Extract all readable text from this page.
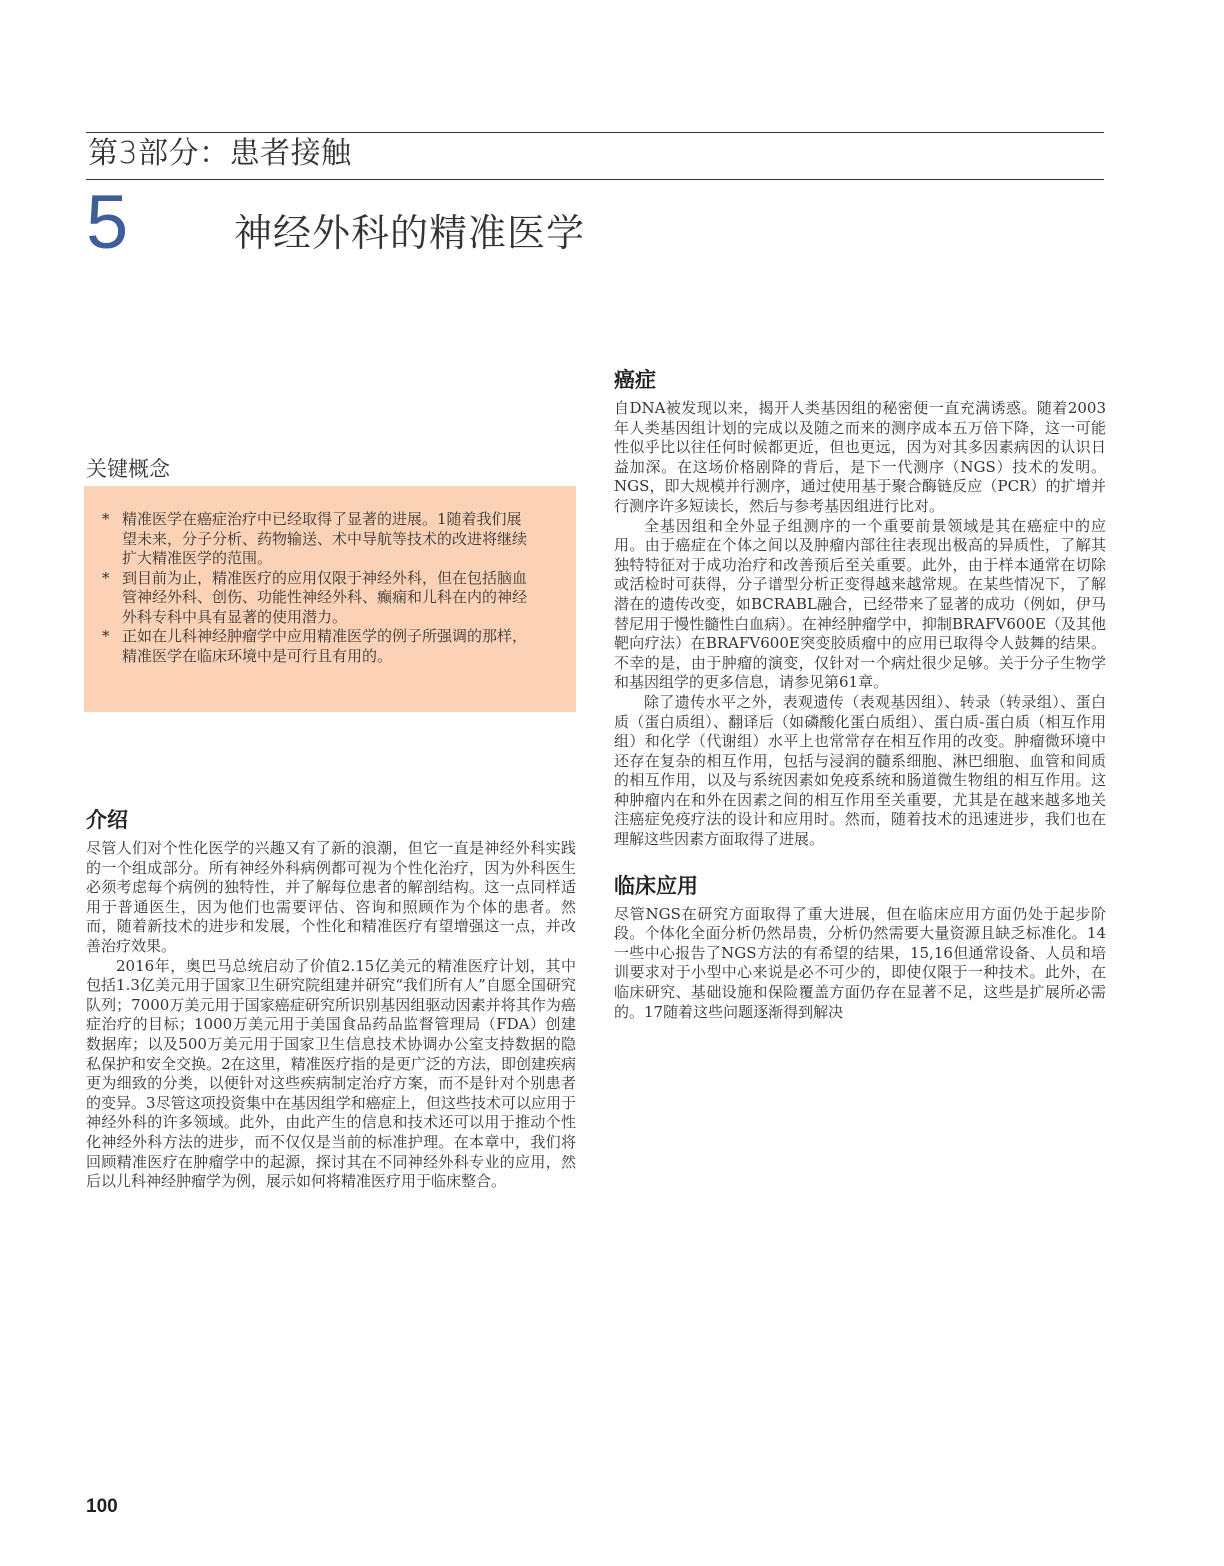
第3部分：患者接触
5	神经外科的精准医学
关键概念

* 精准医学在癌症治疗中已经取得了显著的进展。1随着我们展望未来，分子分析、药物输送、术中导航等技术的改进将继续扩大精准医学的范围。

* 到目前为止，精准医疗的应用仅限于神经外科，但在包括脑血管神经外科、创伤、功能性神经外科、癫痫和儿科在内的神经外科专科中具有显著的使用潜力。

* 正如在儿科神经肿瘤学中应用精准医学的例子所强调的那样，精准医学在临床环境中是可行且有用的。

介绍

尽管人们对个性化医学的兴趣又有了新的浪潮，但它一直是神经外科实践的一个组成部分。所有神经外科病例都可视为个性化治疗，因为外科医生必须考虑每个病例的独特性，并了解每位患者的解剖结构。这一点同样适用于普通医生，因为他们也需要评估、咨询和照顾作为个体的患者。然而，随着新技术的进步和发展，个性化和精准医疗有望增强这一点，并改善治疗效果。

2016年，奥巴马总统启动了价值2.15亿美元的精准医疗计划，其中包括1.3亿美元用于国家卫生研究院组建并研究“我们所有人”自愿全国研究队列；7000万美元用于国家癌症研究所识别基因组驱动因素并将其作为癌症治疗的目标；1000万美元用于美国食品药品监督管理局（FDA）创建数据库；以及500万美元用于国家卫生信息技术协调办公室支持数据的隐私保护和安全交换。2在这里，精准医疗指的是更广泛的方法，即创建疾病更为细致的分类，以便针对这些疾病制定治疗方案，而不是针对个别患者的变异。3尽管这项投资集中在基因组学和癌症上，但这些技术可以应用于神经外科的许多领域。此外，由此产生的信息和技术还可以用于推动个性化神经外科方法的进步，而不仅仅是当前的标准护理。在本章中，我们将回顾精准医疗在肿瘤学中的起源，探讨其在不同神经外科专业的应用，然后以儿科神经肿瘤学为例，展示如何将精准医疗用于临床整合。

癌症

自DNA被发现以来，揭开人类基因组的秘密便一直充满诱惑。随着2003年人类基因组计划的完成以及随之而来的测序成本五万倍下降，这一可能性似乎比以往任何时候都更近，但也更远，因为对其多因素病因的认识日益加深。在这场价格剧降的背后，是下一代测序（NGS）技术的发明。NGS，即大规模并行测序，通过使用基于聚合酶链反应（PCR）的扩增并行测序许多短读长，然后与参考基因组进行比对。

全基因组和全外显子组测序的一个重要前景领域是其在癌症中的应用。由于癌症在个体之间以及肿瘤内部往往表现出极高的异质性，了解其独特特征对于成功治疗和改善预后至关重要。此外，由于样本通常在切除或活检时可获得，分子谱型分析正变得越来越常规。在某些情况下，了解潜在的遗传改变，如BCRABL融合，已经带来了显著的成功（例如，伊马替尼用于慢性髓性白血病）。在神经肿瘤学中，抑制BRAFV600E（及其他靶向疗法）在BRAFV600E突变胶质瘤中的应用已取得令人鼓舞的结果。不幸的是，由于肿瘤的演变，仅针对一个病灶很少足够。关于分子生物学和基因组学的更多信息，请参见第61章。

除了遗传水平之外，表观遗传（表观基因组）、转录（转录组）、蛋白质（蛋白质组）、翻译后（如磷酸化蛋白质组）、蛋白质-蛋白质（相互作用组）和化学（代谢组）水平上也常常存在相互作用的改变。肿瘤微环境中还存在复杂的相互作用，包括与浸润的髓系细胞、淋巴细胞、血管和间质的相互作用，以及与系统因素如免疫系统和肠道微生物组的相互作用。这种肿瘤内在和外在因素之间的相互作用至关重要，尤其是在越来越多地关注癌症免疫疗法的设计和应用时。然而，随着技术的迅速进步，我们也在理解这些因素方面取得了进展。

临床应用

尽管NGS在研究方面取得了重大进展，但在临床应用方面仍处于起步阶段。个体化全面分析仍然昂贵，分析仍然需要大量资源且缺乏标准化。14一些中心报告了NGS方法的有希望的结果，15,16但通常设备、人员和培训要求对于小型中心来说是必不可少的，即使仅限于一种技术。此外，在临床研究、基础设施和保险覆盖方面仍存在显著不足，这些是扩展所必需的。17随着这些问题逐渐得到解决

100
